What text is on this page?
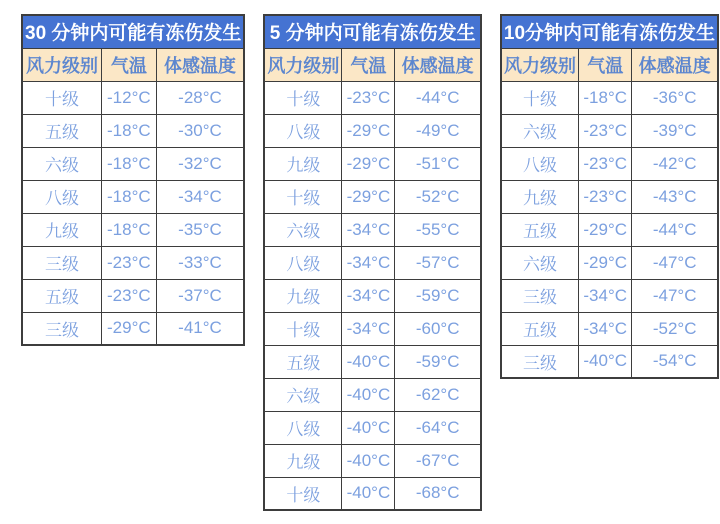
30 分钟内可能有冻伤发生		
风力级别	气温	体感温度
十级	-12°C	-28°C
五级	-18°C	-30°C
六级	-18°C	-32°C
八级	-18°C	-34°C
九级	-18°C	-35°C
三级	-23°C	-33°C
五级	-23°C	-37°C
三级	-29°C	-41°C
5 分钟内可能有冻伤发生		
风力级别	气温	体感温度
十级	-23°C	-44°C
八级	-29°C	-49°C
九级	-29°C	-51°C
十级	-29°C	-52°C
六级	-34°C	-55°C
八级	-34°C	-57°C
九级	-34°C	-59°C
十级	-34°C	-60°C
五级	-40°C	-59°C
六级	-40°C	-62°C
八级	-40°C	-64°C
九级	-40°C	-67°C
十级	-40°C	-68°C
10分钟内可能有冻伤发生		
风力级别	气温	体感温度
十级	-18°C	-36°C
六级	-23°C	-39°C
八级	-23°C	-42°C
九级	-23°C	-43°C
五级	-29°C	-44°C
六级	-29°C	-47°C
三级	-34°C	-47°C
五级	-34°C	-52°C
三级	-40°C	-54°C
